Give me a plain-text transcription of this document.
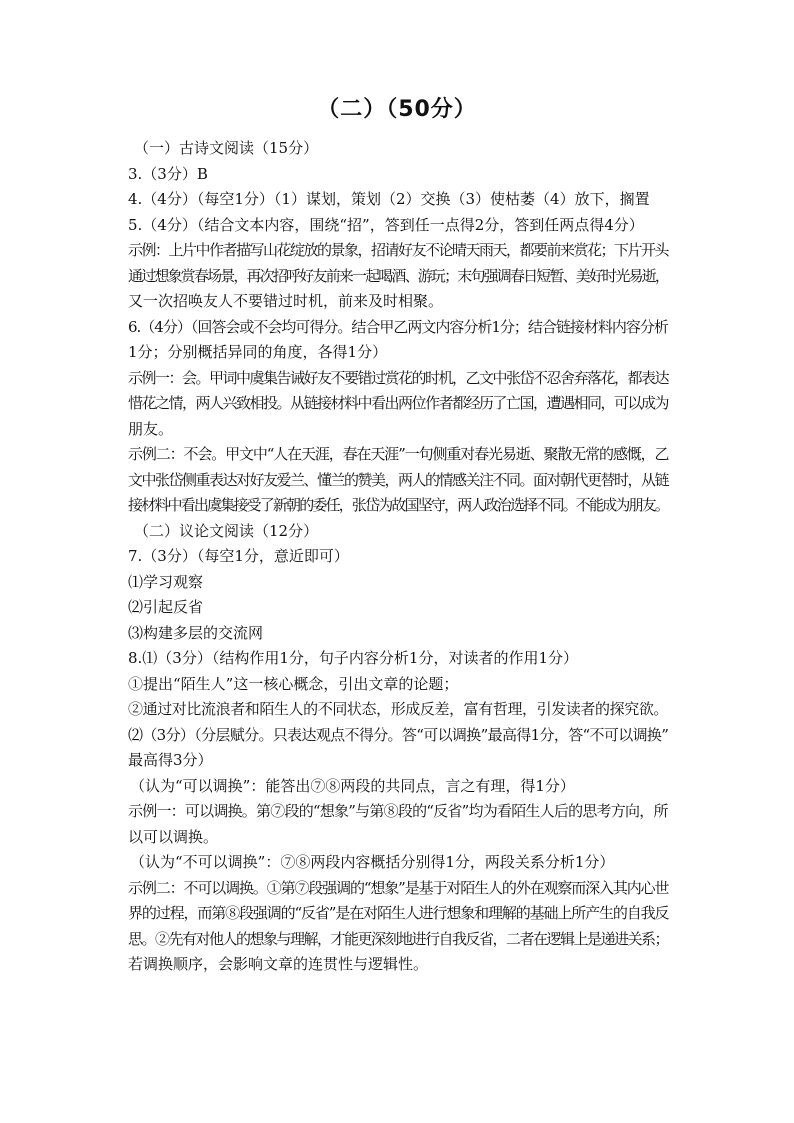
（二）（50分）
（一）古诗文阅读（15分）
3.（3分）B
4.（4分）（每空1分）（1）谋划，策划（2）交换（3）使枯萎（4）放下，搁置
5.（4分）（结合文本内容，围绕“招”，答到任一点得2分，答到任两点得4分）
示例：上片中作者描写山花绽放的景象，招请好友不论晴天雨天，都要前来赏花；下片开头
通过想象赏春场景，再次招呼好友前来一起喝酒、游玩；末句强调春日短暂、美好时光易逝，
又一次招唤友人不要错过时机，前来及时相聚。
6.（4分）（回答会或不会均可得分。结合甲乙两文内容分析1分；结合链接材料内容分析
1分；分别概括异同的角度，各得1分）
示例一：会。甲词中虞集告诫好友不要错过赏花的时机，乙文中张岱不忍舍弃落花，都表达
惜花之情，两人兴致相投。从链接材料中看出两位作者都经历了亡国，遭遇相同，可以成为
朋友。
示例二：不会。甲文中“人在天涯，春在天涯”一句侧重对春光易逝、聚散无常的感慨，乙
文中张岱侧重表达对好友爱兰、懂兰的赞美，两人的情感关注不同。面对朝代更替时，从链
接材料中看出虞集接受了新朝的委任，张岱为故国坚守，两人政治选择不同。不能成为朋友。
（二）议论文阅读（12分）
7.（3分）（每空1分，意近即可）
⑴学习观察
⑵引起反省
⑶构建多层的交流网
8.⑴（3分）（结构作用1分，句子内容分析1分，对读者的作用1分）
①提出“陌生人”这一核心概念，引出文章的论题；
②通过对比流浪者和陌生人的不同状态，形成反差，富有哲理，引发读者的探究欲。
⑵（3分）（分层赋分。只表达观点不得分。答“可以调换”最高得1分，答“不可以调换”
最高得3分）
（认为“可以调换”：能答出⑦⑧两段的共同点，言之有理，得1分）
示例一：可以调换。第⑦段的“想象”与第⑧段的“反省”均为看陌生人后的思考方向，所
以可以调换。
（认为“不可以调换”：⑦⑧两段内容概括分别得1分，两段关系分析1分）
示例二：不可以调换。①第⑦段强调的“想象”是基于对陌生人的外在观察而深入其内心世
界的过程，而第⑧段强调的“反省”是在对陌生人进行想象和理解的基础上所产生的自我反
思。②先有对他人的想象与理解，才能更深刻地进行自我反省，二者在逻辑上是递进关系；
若调换顺序，会影响文章的连贯性与逻辑性。
